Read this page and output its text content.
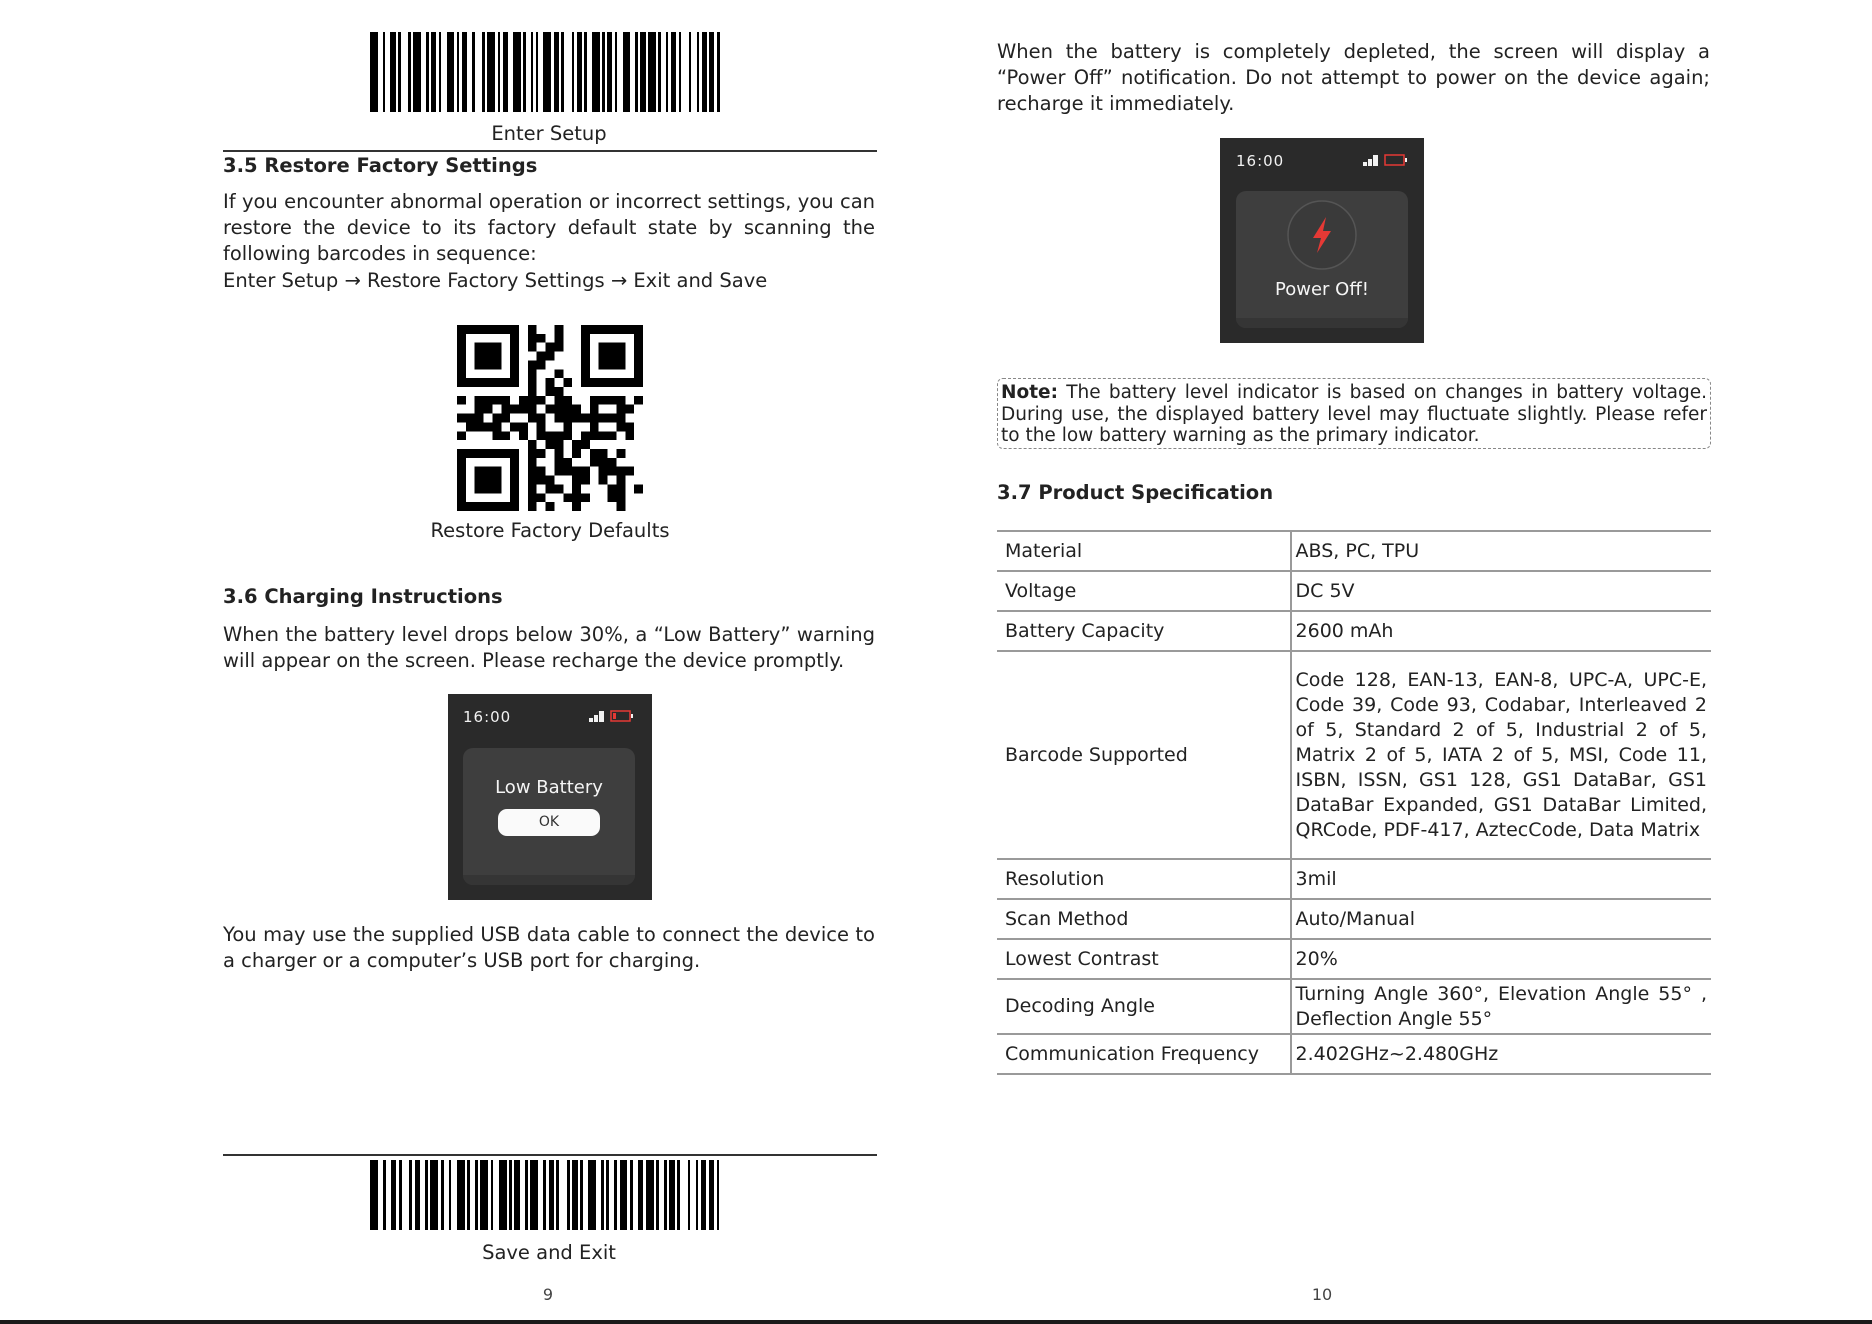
Enter Setup
3.5 Restore Factory Settings

If you encounter abnormal operation or incorrect settings, you can restore the device to its factory default state by scanning the following barcodes in sequence:

Enter Setup → Restore Factory Settings → Exit and Save
Restore Factory Defaults
3.6 Charging Instructions

When the battery level drops below 30%, a “Low Battery” warning will appear on the screen. Please recharge the device promptly.

16:00
Low Battery
OK

You may use the supplied USB data cable to connect the device to a charger or a computer’s USB port for charging.

Save and Exit
9

When the battery is completely depleted, the screen will display a “Power Off” notification. Do not attempt to power on the device again; recharge it immediately.

16:00
Power Off!

Note: The battery level indicator is based on changes in battery voltage. During use, the displayed battery level may fluctuate slightly. Please refer to the low battery warning as the primary indicator.

3.7 Product Specification
Material	ABS, PC, TPU
Voltage	DC 5V
Battery Capacity	2600 mAh
Barcode Supported	Code 128, EAN-13, EAN-8, UPC-A, UPC-E, Code 39, Code 93, Codabar, Interleaved 2 of 5, Standard 2 of 5, Industrial 2 of 5, Matrix 2 of 5, IATA 2 of 5, MSI, Code 11, ISBN, ISSN, GS1 128, GS1 DataBar, GS1 DataBar Expanded, GS1 DataBar Limited, QRCode, PDF-417, AztecCode, Data Matrix
Resolution	3mil
Scan Method	Auto/Manual
Lowest Contrast	20%
Decoding Angle	Turning Angle 360°, Elevation Angle 55° , Deflection Angle 55°
Communication Frequency	2.402GHz~2.480GHz
10
